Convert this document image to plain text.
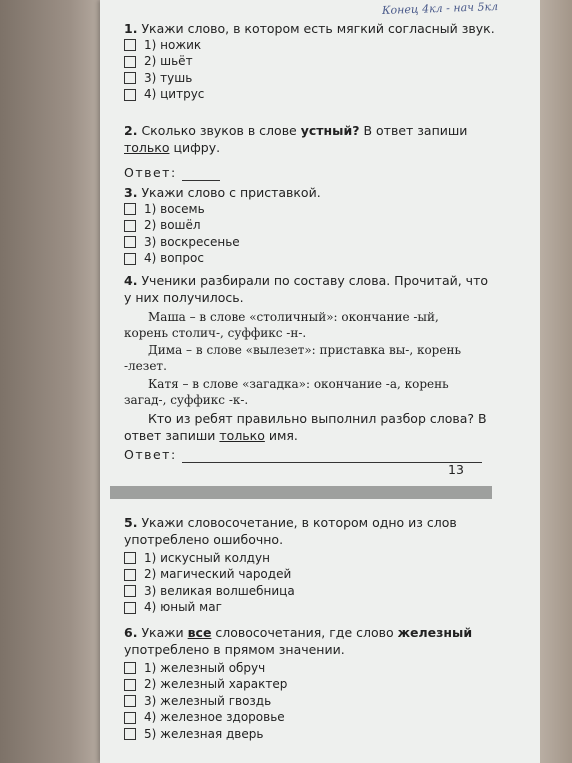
Конец 4кл - нач 5кл
1. Укажи слово, в котором есть мягкий согласный звук.
1) ножик
2) шьёт
3) тушь
4) цитрус
2. Сколько звуков в слове устный? В ответ запиши только цифру.
Ответ:
3. Укажи слово с приставкой.
1) восемь
2) вошёл
3) воскресенье
4) вопрос
4. Ученики разбирали по составу слова. Прочитай, что у них получилось.
Маша – в слове «столичный»: окончание -ый, корень столич-, суффикс -н-.
Дима – в слове «вылезет»: приставка вы-, корень -лезет.
Катя – в слове «загадка»: окончание -а, корень загад-, суффикс -к-.
Кто из ребят правильно выполнил разбор слова? В ответ запиши только имя.
Ответ:
13
5. Укажи словосочетание, в котором одно из слов употреблено ошибочно.
1) искусный колдун
2) магический чародей
3) великая волшебница
4) юный маг
6. Укажи все словосочетания, где слово железный употреблено в прямом значении.
1) железный обруч
2) железный характер
3) железный гвоздь
4) железное здоровье
5) железная дверь
